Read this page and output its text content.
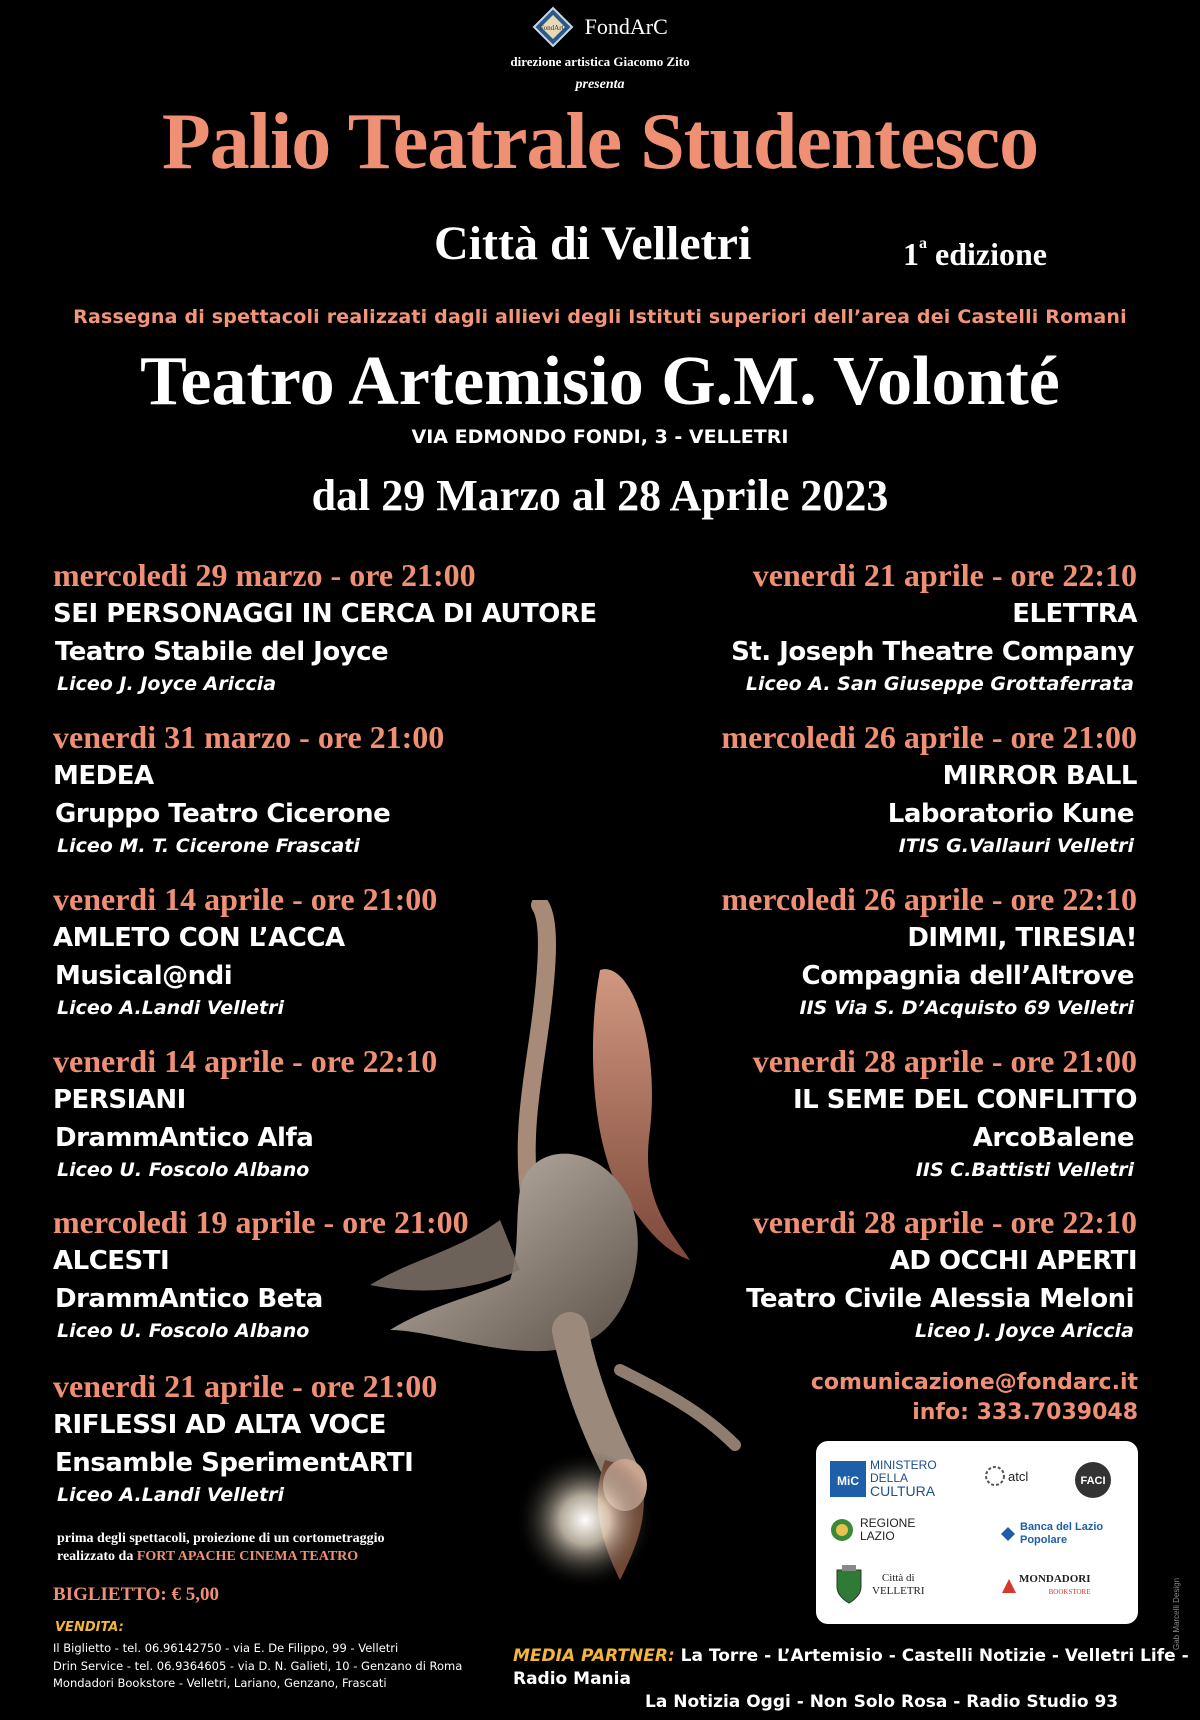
FondArC FondArC
direzione artistica Giacomo Zito
presenta
Palio Teatrale Studentesco
Città di Velletri	1$^a$ edizione
Rassegna di spettacoli realizzati dagli allievi degli Istituti superiori dell’area dei Castelli Romani
Teatro Artemisio G.M. Volonté
VIA EDMONDO FONDI, 3 - VELLETRI
dal 29 Marzo al 28 Aprile 2023
mercoledi 29 marzo - ore 21:00
SEI PERSONAGGI IN CERCA DI AUTORE
Teatro Stabile del Joyce
Liceo J. Joyce Ariccia
venerdi 31 marzo - ore 21:00
MEDEA
Gruppo Teatro Cicerone
Liceo M. T. Cicerone Frascati
venerdi 14 aprile - ore 21:00
AMLETO CON L’ACCA
Musical@ndi
Liceo A.Landi Velletri
venerdi 14 aprile - ore 22:10
PERSIANI
DrammAntico Alfa
Liceo U. Foscolo Albano
mercoledi 19 aprile - ore 21:00
ALCESTI
DrammAntico Beta
Liceo U. Foscolo Albano
venerdi 21 aprile - ore 21:00
RIFLESSI AD ALTA VOCE
Ensamble SperimentARTI
Liceo A.Landi Velletri
venerdi 21 aprile - ore 22:10
ELETTRA
St. Joseph Theatre Company
Liceo A. San Giuseppe Grottaferrata
mercoledi 26 aprile - ore 21:00
MIRROR BALL
Laboratorio Kune
ITIS G.Vallauri Velletri
mercoledi 26 aprile - ore 22:10
DIMMI, TIRESIA!
Compagnia dell’Altrove
IIS Via S. D’Acquisto 69 Velletri
venerdi 28 aprile - ore 21:00
IL SEME DEL CONFLITTO
ArcoBalene
IIS C.Battisti Velletri
venerdi 28 aprile - ore 22:10
AD OCCHI APERTI
Teatro Civile Alessia Meloni
Liceo J. Joyce Ariccia
comunicazione@fondarc.it
info: 333.7039048
MiC
MINISTERO
DELLA
CULTURA
atcl	FACI
REGIONE
LAZIO
Banca del Lazio
Popolare
Città di
VELLETRI
MONDADORI
BOOKSTORE
prima degli spettacoli, proiezione di un cortometraggio
realizzato da FORT APACHE CINEMA TEATRO
BIGLIETTO: € 5,00
VENDITA:
Il Biglietto - tel. 06.96142750 - via E. De Filippo, 99 - Velletri
Drin Service - tel. 06.9364605 - via D. N. Galieti, 10 - Genzano di Roma
Mondadori Bookstore - Velletri, Lariano, Genzano, Frascati
MEDIA PARTNER: La Torre - L’Artemisio - Castelli Notizie - Velletri Life - Radio Mania
La Notizia Oggi - Non Solo Rosa - Radio Studio 93
Gab Marcelli Design
